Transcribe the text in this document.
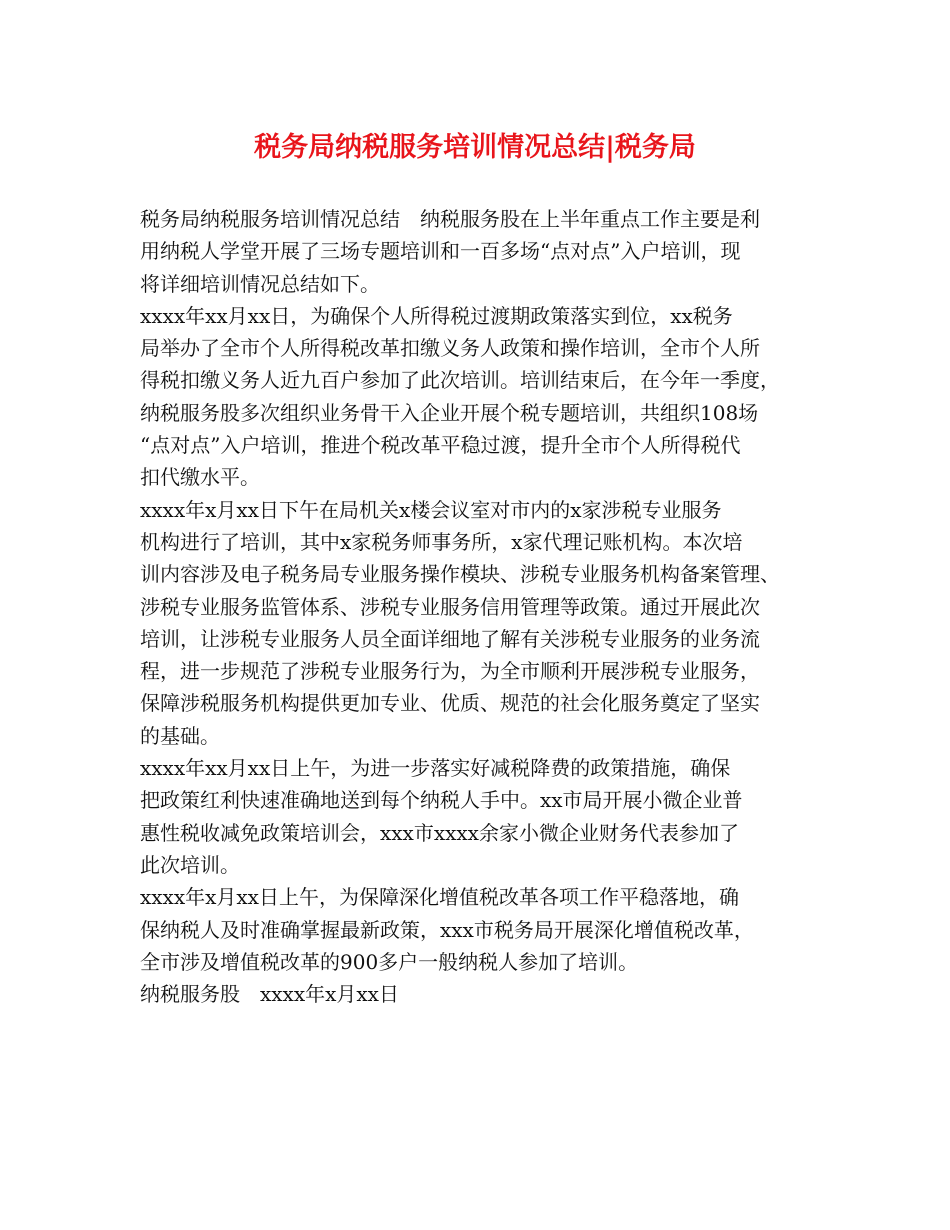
税务局纳税服务培训情况总结|税务局
税务局纳税服务培训情况总结　纳税服务股在上半年重点工作主要是利
用纳税人学堂开展了三场专题培训和一百多场“点对点”入户培训，现
将详细培训情况总结如下。
xxxx年xx月xx日，为确保个人所得税过渡期政策落实到位，xx税务
局举办了全市个人所得税改革扣缴义务人政策和操作培训，全市个人所
得税扣缴义务人近九百户参加了此次培训。培训结束后，在今年一季度，
纳税服务股多次组织业务骨干入企业开展个税专题培训，共组织108场
“点对点”入户培训，推进个税改革平稳过渡，提升全市个人所得税代
扣代缴水平。
xxxx年x月xx日下午在局机关x楼会议室对市内的x家涉税专业服务
机构进行了培训，其中x家税务师事务所，x家代理记账机构。本次培
训内容涉及电子税务局专业服务操作模块、涉税专业服务机构备案管理、
涉税专业服务监管体系、涉税专业服务信用管理等政策。通过开展此次
培训，让涉税专业服务人员全面详细地了解有关涉税专业服务的业务流
程，进一步规范了涉税专业服务行为，为全市顺利开展涉税专业服务，
保障涉税服务机构提供更加专业、优质、规范的社会化服务奠定了坚实
的基础。
xxxx年xx月xx日上午，为进一步落实好减税降费的政策措施，确保
把政策红利快速准确地送到每个纳税人手中。xx市局开展小微企业普
惠性税收减免政策培训会，xxx市xxxx余家小微企业财务代表参加了
此次培训。
xxxx年x月xx日上午，为保障深化增值税改革各项工作平稳落地，确
保纳税人及时准确掌握最新政策，xxx市税务局开展深化增值税改革，
全市涉及增值税改革的900多户一般纳税人参加了培训。
纳税服务股　xxxx年x月xx日
